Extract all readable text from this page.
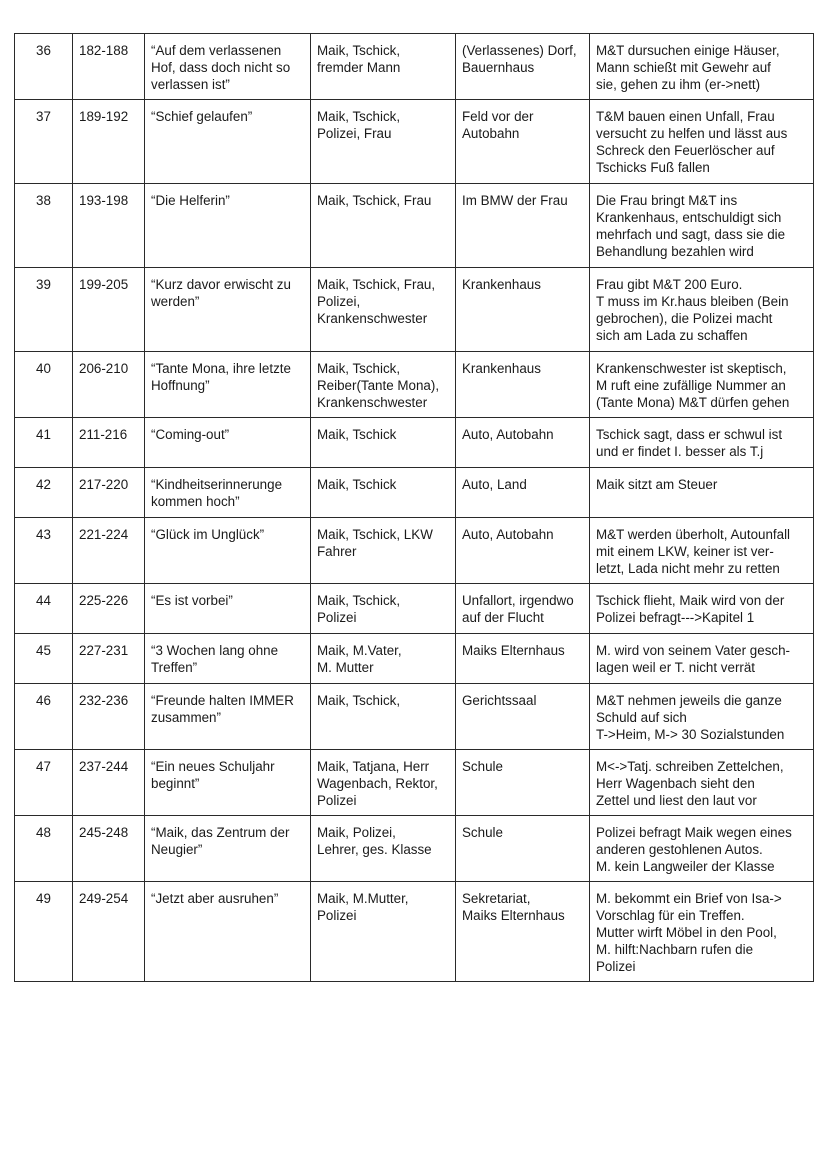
36	182-188	“Auf dem verlassenen
Hof, dass doch nicht so
verlassen ist”	Maik, Tschick,
fremder Mann	(Verlassenes) Dorf,
Bauernhaus	M&T dursuchen einige Häuser,
Mann schießt mit Gewehr auf
sie, gehen zu ihm (er->nett)

37	189-192	“Schief gelaufen”	Maik, Tschick,
Polizei, Frau	Feld vor der
Autobahn	T&M bauen einen Unfall, Frau
versucht zu helfen und lässt aus
Schreck den Feuerlöscher auf
Tschicks Fuß fallen

38	193-198	“Die Helferin”	Maik, Tschick, Frau	Im BMW der Frau	Die Frau bringt M&T ins
Krankenhaus, entschuldigt sich
mehrfach und sagt, dass sie die
Behandlung bezahlen wird

39	199-205	“Kurz davor erwischt zu
werden”	Maik, Tschick, Frau,
Polizei,
Krankenschwester	Krankenhaus	Frau gibt M&T 200 Euro.
T muss im Kr.haus bleiben (Bein
gebrochen), die Polizei macht
sich am Lada zu schaffen

40	206-210	“Tante Mona, ihre letzte
Hoffnung”	Maik, Tschick,
Reiber(Tante Mona),
Krankenschwester	Krankenhaus	Krankenschwester ist skeptisch,
M ruft eine zufällige Nummer an
(Tante Mona) M&T dürfen gehen

41	211-216	“Coming-out”	Maik, Tschick	Auto, Autobahn	Tschick sagt, dass er schwul ist
und er findet I. besser als T.j

42	217-220	“Kindheitserinnerunge
kommen hoch”	Maik, Tschick	Auto, Land	Maik sitzt am Steuer

43	221-224	“Glück im Unglück”	Maik, Tschick, LKW
Fahrer	Auto, Autobahn	M&T werden überholt, Autounfall
mit einem LKW, keiner ist ver-
letzt, Lada nicht mehr zu retten

44	225-226	“Es ist vorbei”	Maik, Tschick,
Polizei	Unfallort, irgendwo
auf der Flucht	Tschick flieht, Maik wird von der
Polizei befragt--->Kapitel 1

45	227-231	“3 Wochen lang ohne
Treffen”	Maik, M.Vater,
M. Mutter	Maiks Elternhaus	M. wird von seinem Vater gesch-
lagen weil er T. nicht verrät

46	232-236	“Freunde halten IMMER
zusammen”	Maik, Tschick,	Gerichtssaal	M&T nehmen jeweils die ganze
Schuld auf sich
T->Heim, M-> 30 Sozialstunden

47	237-244	“Ein neues Schuljahr
beginnt”	Maik, Tatjana, Herr
Wagenbach, Rektor,
Polizei	Schule	M<->Tatj. schreiben Zettelchen,
Herr Wagenbach sieht den
Zettel und liest den laut vor

48	245-248	“Maik, das Zentrum der
Neugier”	Maik, Polizei,
Lehrer, ges. Klasse	Schule	Polizei befragt Maik wegen eines
anderen gestohlenen Autos.
M. kein Langweiler der Klasse

49	249-254	“Jetzt aber ausruhen”	Maik, M.Mutter,
Polizei	Sekretariat,
Maiks Elternhaus	M. bekommt ein Brief von Isa->
Vorschlag für ein Treffen.
Mutter wirft Möbel in den Pool,
M. hilft:Nachbarn rufen die
Polizei
